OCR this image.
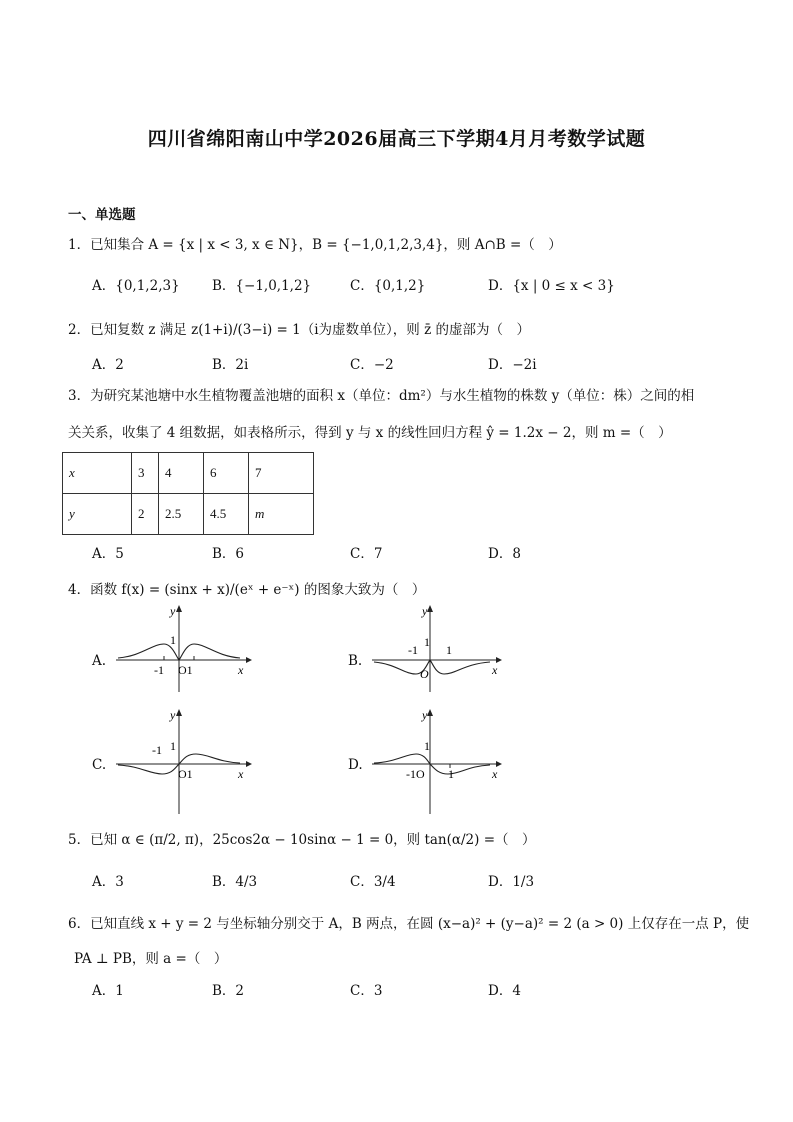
四川省绵阳南山中学2026届高三下学期4月月考数学试题
一、单选题
1．已知集合 A = {x | x < 3, x ∈ N}，B = {−1,0,1,2,3,4}，则 A∩B =（　）
A．{0,1,2,3} B．{−1,0,1,2}	C．{0,1,2}	D．{x | 0 ≤ x < 3}
2．已知复数 z 满足 z(1+i)/(3−i) = 1（i为虚数单位），则 z̄ 的虚部为（　）
A．2	B．2i	C．−2	D．−2i
3．为研究某池塘中水生植物覆盖池塘的面积 x（单位：dm²）与水生植物的株数 y（单位：株）之间的相
关关系，收集了 4 组数据，如表格所示，得到 y 与 x 的线性回归方程 ŷ = 1.2x − 2，则 m =（　）
x	3	4	6	7
y	2	2.5	4.5	m
A．5	B．6	C．7	D．8
4．函数 f(x) = (sinx + x)/(eˣ + e⁻ˣ) 的图象大致为（　）
A.
y
1
-1 O1	x
B.
y
-1
1
1
O	x
C.
y
-1 1
O1	x
D.
y
1
-1O 1	x
5．已知 α ∈ (π/2, π)，25cos2α − 10sinα − 1 = 0，则 tan(α/2) =（　）
A．3	B．4/3	C．3/4	D．1/3
6．已知直线 x + y = 2 与坐标轴分别交于 A，B 两点，在圆 (x−a)² + (y−a)² = 2 (a > 0) 上仅存在一点 P，使
PA ⊥ PB，则 a =（　）
A．1	B．2	C．3	D．4
